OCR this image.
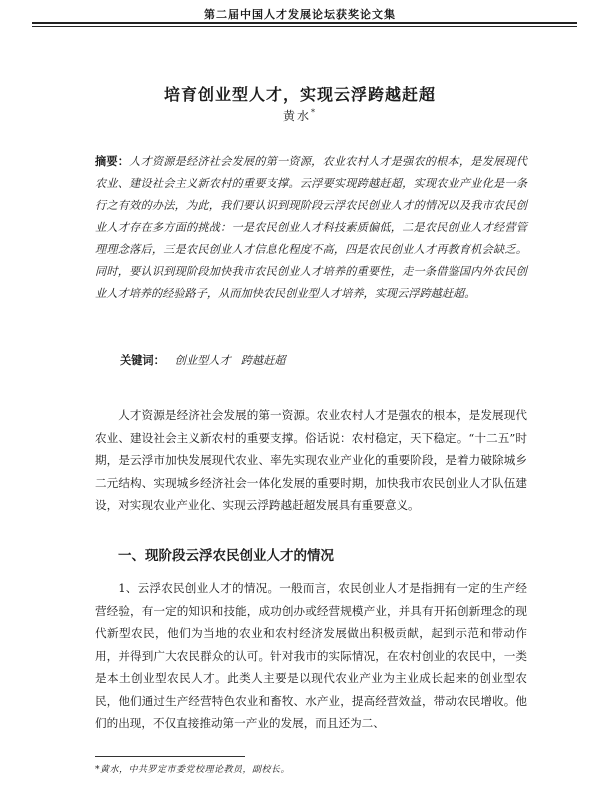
第二届中国人才发展论坛获奖论文集
培育创业型人才，实现云浮跨越赶超
黄水*
摘要：人才资源是经济社会发展的第一资源，农业农村人才是强农的根本，是发展现代农业、建设社会主义新农村的重要支撑。云浮要实现跨越赶超，实现农业产业化是一条行之有效的办法，为此，我们要认识到现阶段云浮农民创业人才的情况以及我市农民创业人才存在多方面的挑战：一是农民创业人才科技素质偏低，二是农民创业人才经营管理理念落后，三是农民创业人才信息化程度不高，四是农民创业人才再教育机会缺乏。同时，要认识到现阶段加快我市农民创业人才培养的重要性，走一条借鉴国内外农民创业人才培养的经验路子，从而加快农民创业型人才培养，实现云浮跨越赶超。
关键词： 创业型人才 跨越赶超
人才资源是经济社会发展的第一资源。农业农村人才是强农的根本，是发展现代农业、建设社会主义新农村的重要支撑。俗话说：农村稳定，天下稳定。“十二五”时期，是云浮市加快发展现代农业、率先实现农业产业化的重要阶段，是着力破除城乡二元结构、实现城乡经济社会一体化发展的重要时期，加快我市农民创业人才队伍建设，对实现农业产业化、实现云浮跨越赶超发展具有重要意义。
一、现阶段云浮农民创业人才的情况
1、云浮农民创业人才的情况。一般而言，农民创业人才是指拥有一定的生产经营经验，有一定的知识和技能，成功创办或经营规模产业，并具有开拓创新理念的现代新型农民，他们为当地的农业和农村经济发展做出积极贡献，起到示范和带动作用，并得到广大农民群众的认可。针对我市的实际情况，在农村创业的农民中，一类是本土创业型农民人才。此类人主要是以现代农业产业为主业成长起来的创业型农民，他们通过生产经营特色农业和畜牧、水产业，提高经营效益，带动农民增收。他们的出现，不仅直接推动第一产业的发展，而且还为二、
*黄水，中共罗定市委党校理论教员，副校长。
